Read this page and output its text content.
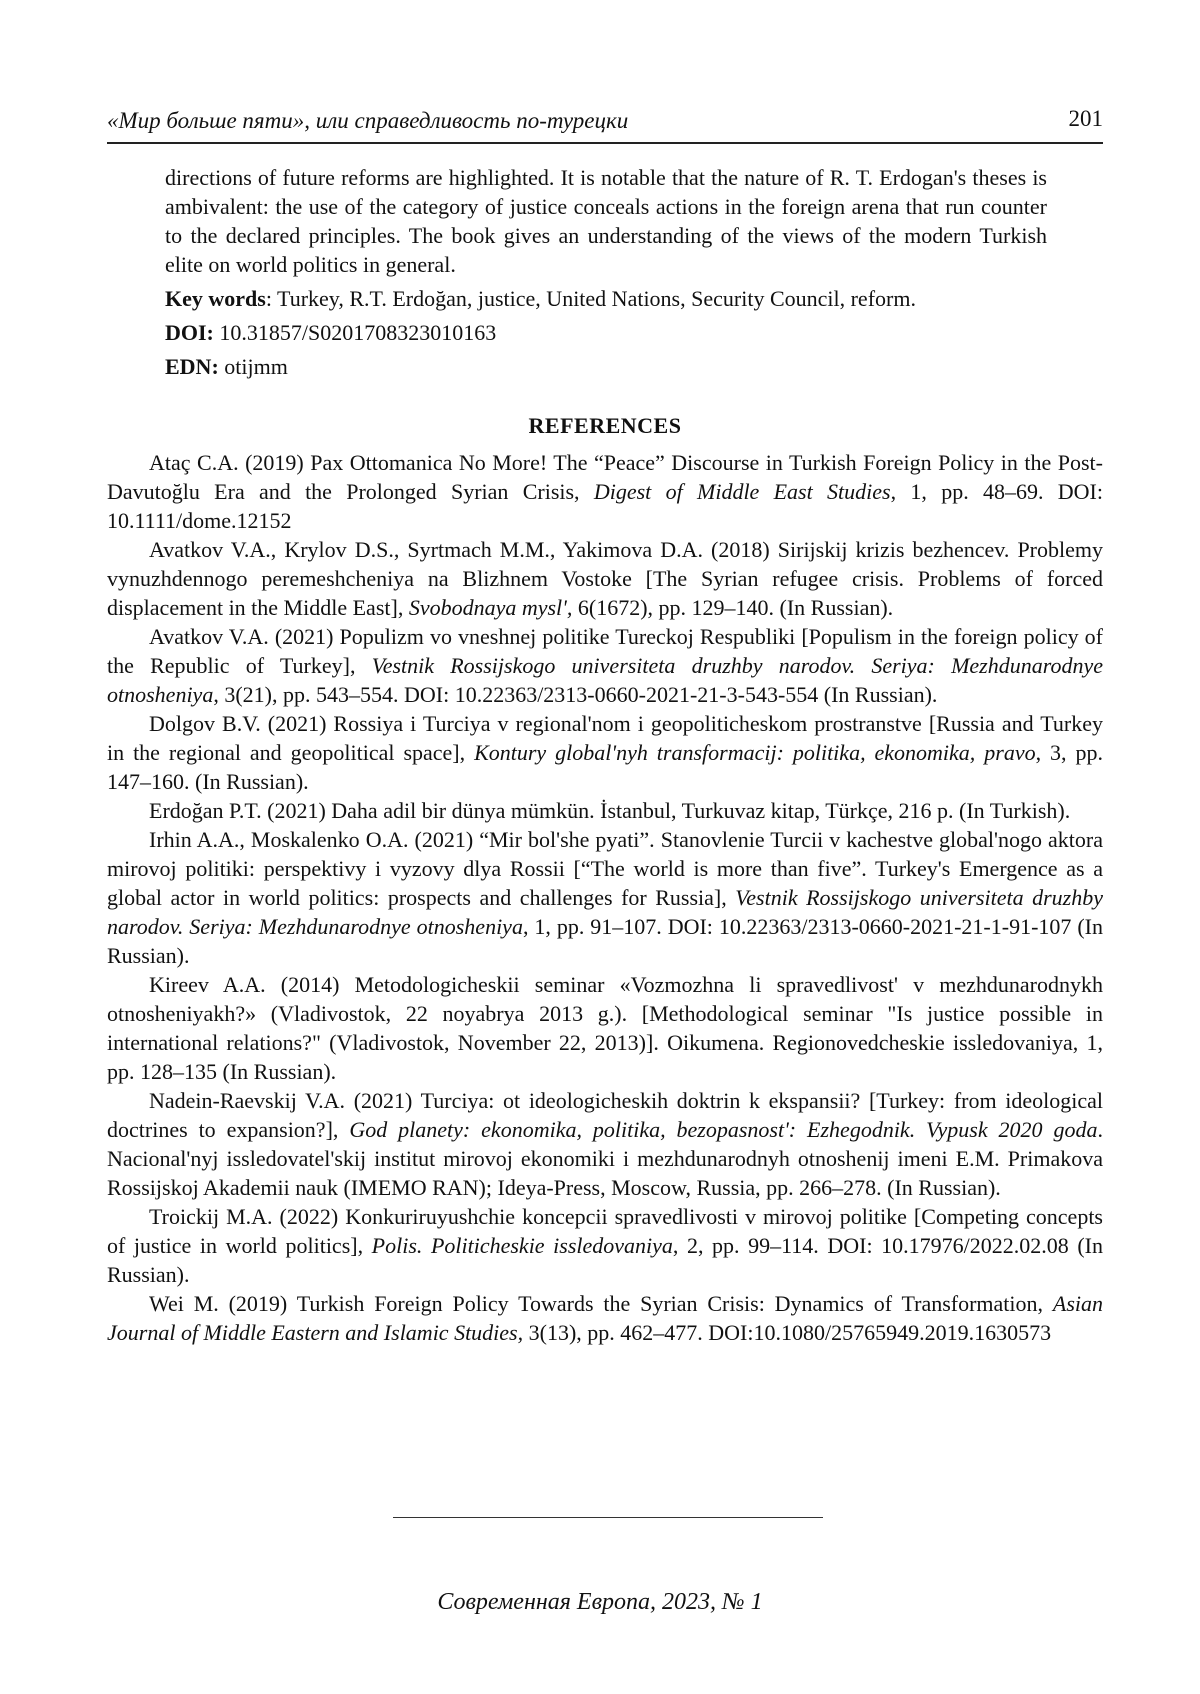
«Мир больше пяти», или справедливость по-турецки	201

directions of future reforms are highlighted. It is notable that the nature of R. T. Erdogan's theses is ambivalent: the use of the category of justice conceals actions in the foreign arena that run counter to the declared principles. The book gives an understanding of the views of the modern Turkish elite on world politics in general.

Key words: Turkey, R.T. Erdoğan, justice, United Nations, Security Council, reform.

DOI: 10.31857/S0201708323010163

EDN: otijmm

REFERENCES

Ataç C.A. (2019) Pax Ottomanica No More! The “Peace” Discourse in Turkish Foreign Policy in the Post-Davutoğlu Era and the Prolonged Syrian Crisis, Digest of Middle East Studies, 1, pp. 48–69. DOI: 10.1111/dome.12152

Avatkov V.A., Krylov D.S., Syrtmach M.M., Yakimova D.A. (2018) Sirijskij krizis bezhencev. Problemy vynuzhdennogo peremeshcheniya na Blizhnem Vostoke [The Syrian refugee crisis. Problems of forced displacement in the Middle East], Svobodnaya mysl', 6(1672), pp. 129–140. (In Russian).

Avatkov V.A. (2021) Populizm vo vneshnej politike Tureckoj Respubliki [Populism in the foreign policy of the Republic of Turkey], Vestnik Rossijskogo universiteta druzhby narodov. Seriya: Mezhdunarodnye otnosheniya, 3(21), pp. 543–554. DOI: 10.22363/2313-0660-2021-21-3-543-554 (In Russian).

Dolgov B.V. (2021) Rossiya i Turciya v regional'nom i geopoliticheskom prostranstve [Russia and Turkey in the regional and geopolitical space], Kontury global'nyh transformacij: politika, ekonomika, pravo, 3, pp. 147–160. (In Russian).

Erdoğan P.T. (2021) Daha adil bir dünya mümkün. İstanbul, Turkuvaz kitap, Türkçe, 216 p. (In Turkish).

Irhin A.A., Moskalenko O.A. (2021) “Mir bol'she pyati”. Stanovlenie Turcii v kachestve global'nogo aktora mirovoj politiki: perspektivy i vyzovy dlya Rossii [“The world is more than five”. Turkey's Emergence as a global actor in world politics: prospects and challenges for Russia], Vestnik Rossijskogo universiteta druzhby narodov. Seriya: Mezhdunarodnye otnosheniya, 1, pp. 91–107. DOI: 10.22363/2313-0660-2021-21-1-91-107 (In Russian).

Kireev A.A. (2014) Metodologicheskii seminar «Vozmozhna li spravedlivost' v mezhdunarodnykh otnosheniyakh?» (Vladivostok, 22 noyabrya 2013 g.). [Methodological seminar "Is justice possible in international relations?" (Vladivostok, November 22, 2013)]. Oikumena. Regionovedcheskie issledovaniya, 1, pp. 128–135 (In Russian).

Nadein-Raevskij V.A. (2021) Turciya: ot ideologicheskih doktrin k ekspansii? [Turkey: from ideological doctrines to expansion?], God planety: ekonomika, politika, bezopasnost': Ezhegodnik. Vypusk 2020 goda. Nacional'nyj issledovatel'skij institut mirovoj ekonomiki i mezhdunarodnyh otnoshenij imeni E.M. Primakova Rossijskoj Akademii nauk (IMEMO RAN); Ideya-Press, Moscow, Russia, pp. 266–278. (In Russian).

Troickij M.A. (2022) Konkuriruyushchie koncepcii spravedlivosti v mirovoj politike [Competing concepts of justice in world politics], Polis. Politicheskie issledovaniya, 2, pp. 99–114. DOI: 10.17976/2022.02.08 (In Russian).

Wei M. (2019) Turkish Foreign Policy Towards the Syrian Crisis: Dynamics of Transformation, Asian Journal of Middle Eastern and Islamic Studies, 3(13), pp. 462–477. DOI:10.1080/25765949.2019.1630573

Современная Европа, 2023, № 1
